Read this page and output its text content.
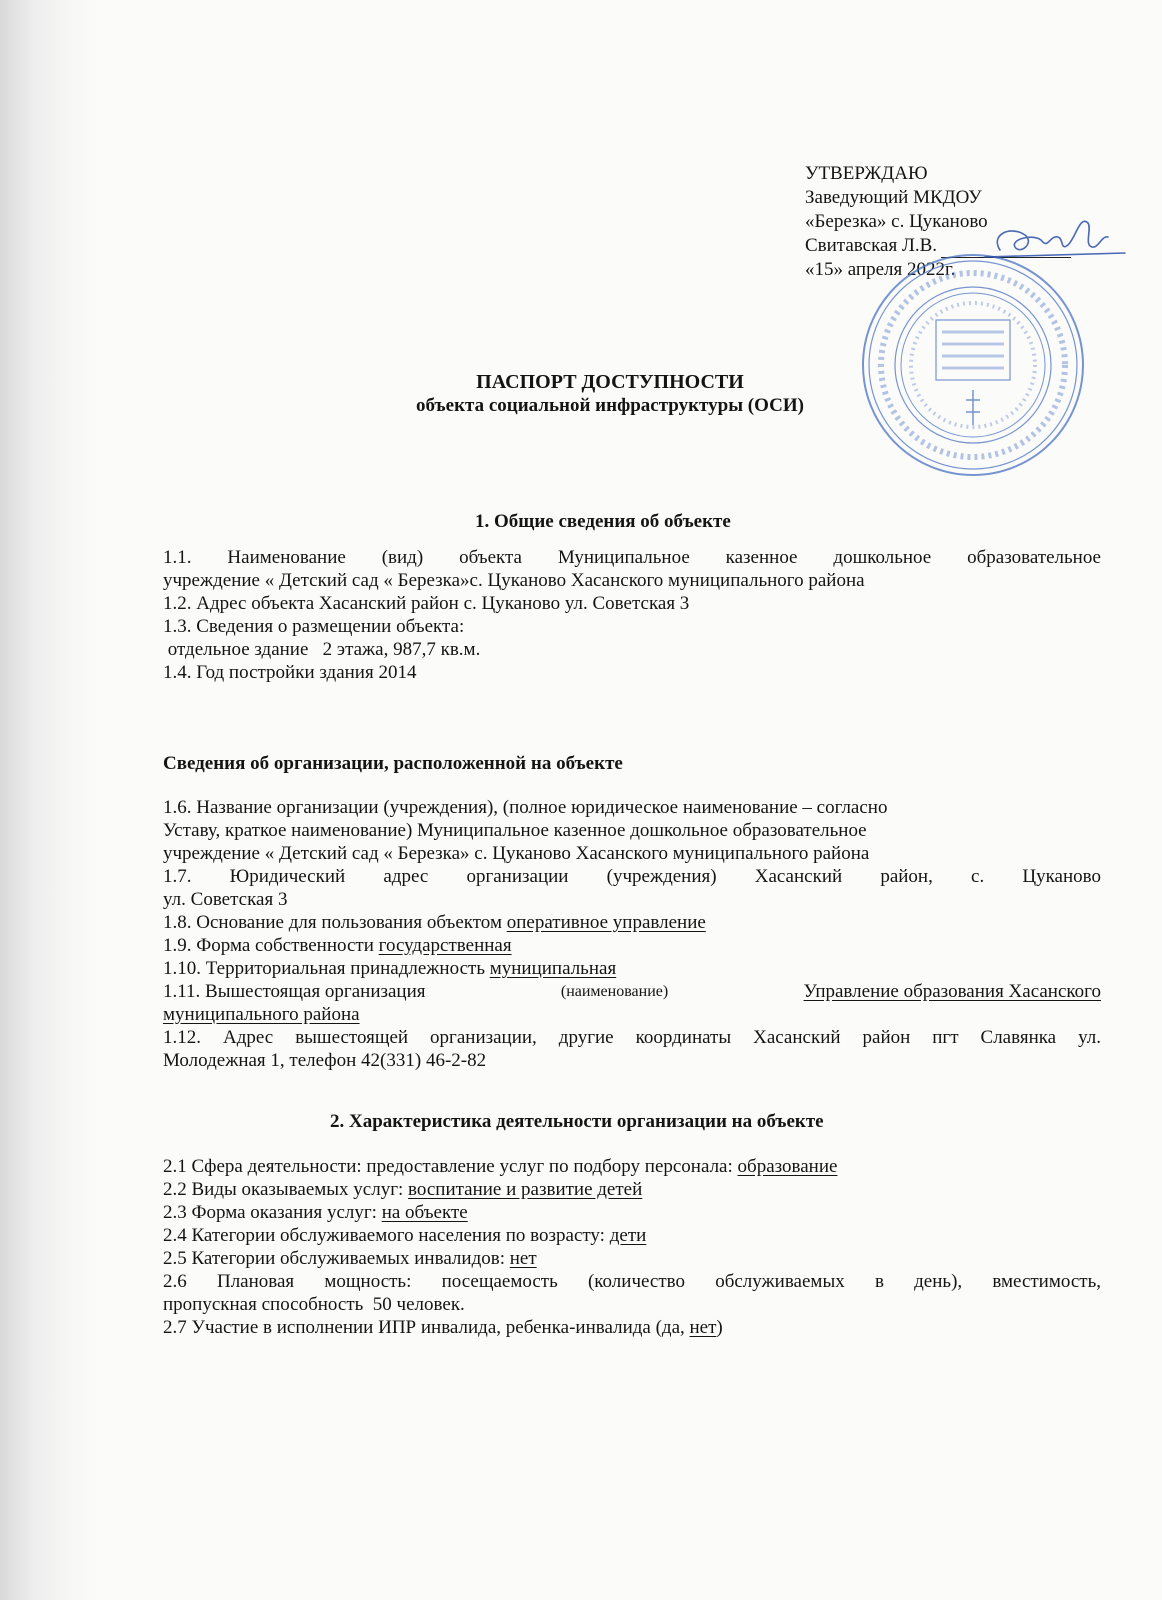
УТВЕРЖДАЮ
Заведующий МКДОУ
«Березка» с. Цуканово
Свитавская Л.В.
«15» апреля 2022г.
ПАСПОРТ ДОСТУПНОСТИ
объекта социальной инфраструктуры (ОСИ)
1. Общие сведения об объекте
1.1. Наименование (вид) объекта Муниципальное казенное дошкольное образовательное
учреждение « Детский сад « Березка»с. Цуканово Хасанского муниципального района
1.2. Адрес объекта Хасанский район с. Цуканово ул. Советская 3
1.3. Сведения о размещении объекта:
отдельное здание   2 этажа, 987,7 кв.м.
1.4. Год постройки здания 2014
Сведения об организации, расположенной на объекте
1.6. Название организации (учреждения), (полное юридическое наименование – согласно
Уставу, краткое наименование) Муниципальное казенное дошкольное образовательное
учреждение « Детский сад « Березка» с. Цуканово Хасанского муниципального района
1.7. Юридический адрес организации (учреждения) Хасанский район, с. Цуканово
ул. Советская 3
1.8. Основание для пользования объектом оперативное управление
1.9. Форма собственности государственная
1.10. Территориальная принадлежность муниципальная
1.11. Вышестоящая организация	(наименование)	Управление образования Хасанского
муниципального района
1.12. Адрес вышестоящей организации, другие координаты Хасанский район пгт Славянка ул.
Молодежная 1, телефон 42(331) 46-2-82
2. Характеристика деятельности организации на объекте
2.1 Сфера деятельности: предоставление услуг по подбору персонала: образование
2.2 Виды оказываемых услуг: воспитание и развитие детей
2.3 Форма оказания услуг: на объекте
2.4 Категории обслуживаемого населения по возрасту: дети
2.5 Категории обслуживаемых инвалидов: нет
2.6 Плановая мощность: посещаемость (количество обслуживаемых в день), вместимость,
пропускная способность  50 человек.
2.7 Участие в исполнении ИПР инвалида, ребенка-инвалида (да, нет)
